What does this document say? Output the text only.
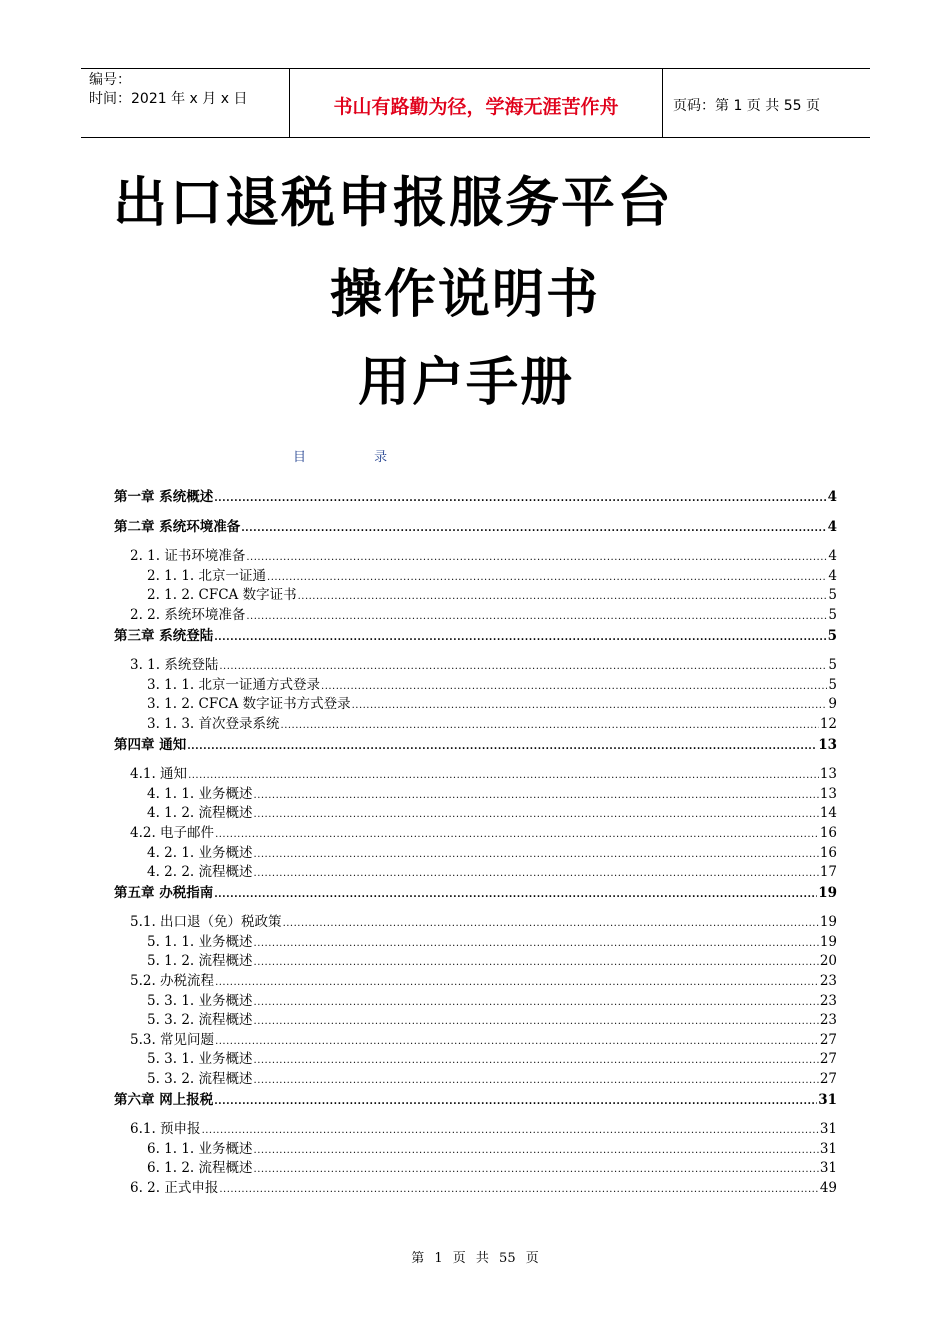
编号：
时间：2021 年 x 月 x 日	书山有路勤为径，学海无涯苦作舟	页码：第 1 页 共 55 页
出口退税申报服务平台
操作说明书
用户手册
目 录
第一章 系统概述 .....	4
第二章 系统环境准备 .....	4
2. 1. 证书环境准备 .....	4
2. 1. 1. 北京一证通 .....	4
2. 1. 2. CFCA 数字证书 .....	5
2. 2. 系统环境准备 .....	5
第三章 系统登陆 .....	5
3. 1. 系统登陆 .....	5
3. 1. 1. 北京一证通方式登录 .....	5
3. 1. 2. CFCA 数字证书方式登录 .....	9
3. 1. 3. 首次登录系统 .....	12
第四章 通知 .....	13
4.1. 通知 .....	13
4. 1. 1. 业务概述 .....	13
4. 1. 2. 流程概述 .....	14
4.2. 电子邮件 .....	16
4. 2. 1. 业务概述 .....	16
4. 2. 2. 流程概述 .....	17
第五章 办税指南 .....	19
5.1. 出口退（免）税政策 .....	19
5. 1. 1. 业务概述 .....	19
5. 1. 2. 流程概述 .....	20
5.2. 办税流程 .....	23
5. 3. 1. 业务概述 .....	23
5. 3. 2. 流程概述 .....	23
5.3. 常见问题 .....	27
5. 3. 1. 业务概述 .....	27
5. 3. 2. 流程概述 .....	27
第六章 网上报税 .....	31
6.1. 预申报 .....	31
6. 1. 1. 业务概述 .....	31
6. 1. 2. 流程概述 .....	31
6. 2. 正式申报 .....	49
第 1 页 共 55 页
